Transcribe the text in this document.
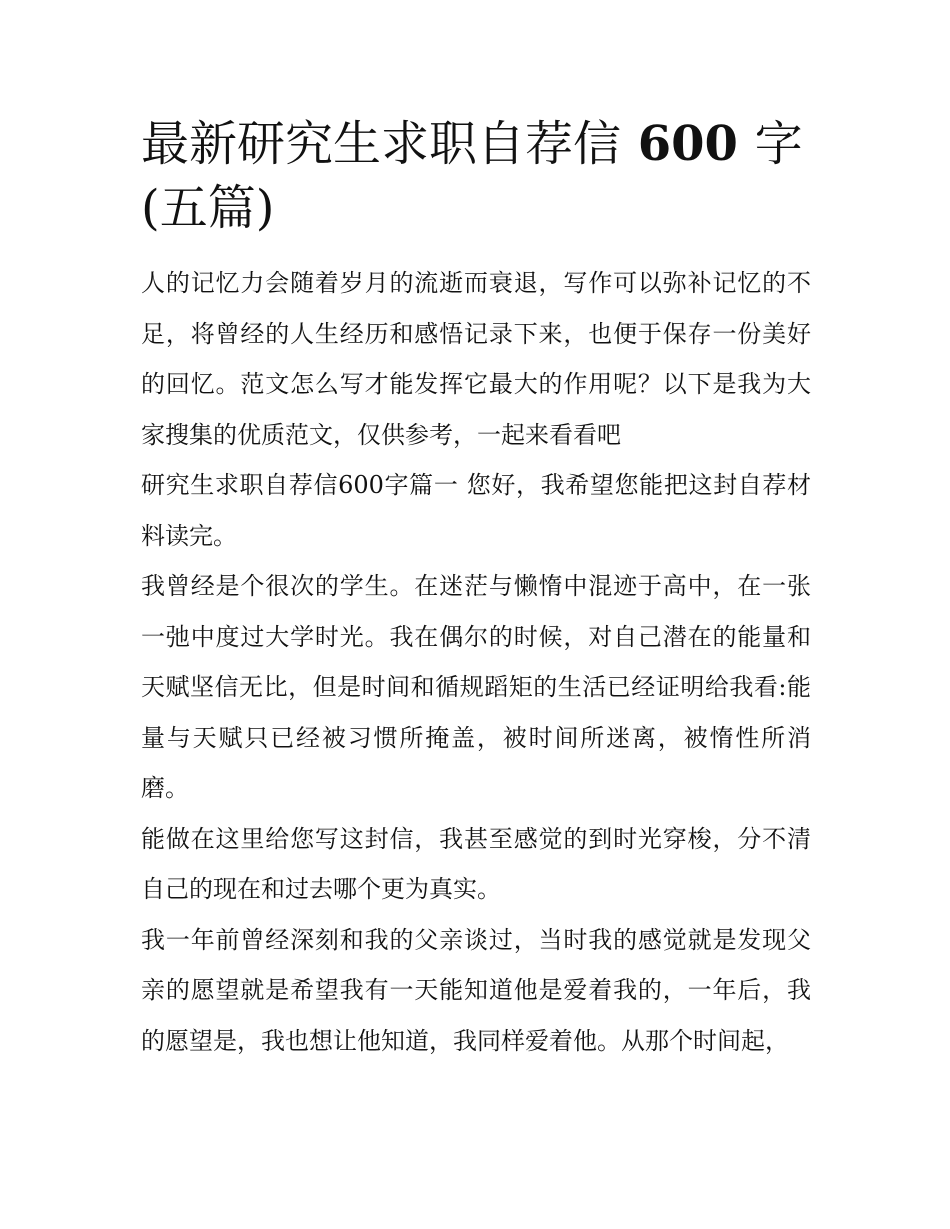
最新研究生求职自荐信 600 字(五篇)

人的记忆力会随着岁月的流逝而衰退，写作可以弥补记忆的不足，将曾经的人生经历和感悟记录下来，也便于保存一份美好的回忆。范文怎么写才能发挥它最大的作用呢？以下是我为大家搜集的优质范文，仅供参考，一起来看看吧

研究生求职自荐信600字篇一 您好，我希望您能把这封自荐材料读完。

我曾经是个很次的学生。在迷茫与懒惰中混迹于高中，在一张一弛中度过大学时光。我在偶尔的时候，对自己潜在的能量和天赋坚信无比，但是时间和循规蹈矩的生活已经证明给我看:能量与天赋只已经被习惯所掩盖，被时间所迷离，被惰性所消磨。

能做在这里给您写这封信，我甚至感觉的到时光穿梭，分不清自己的现在和过去哪个更为真实。

我一年前曾经深刻和我的父亲谈过，当时我的感觉就是发现父亲的愿望就是希望我有一天能知道他是爱着我的，一年后，我的愿望是，我也想让他知道，我同样爱着他。从那个时间起，
